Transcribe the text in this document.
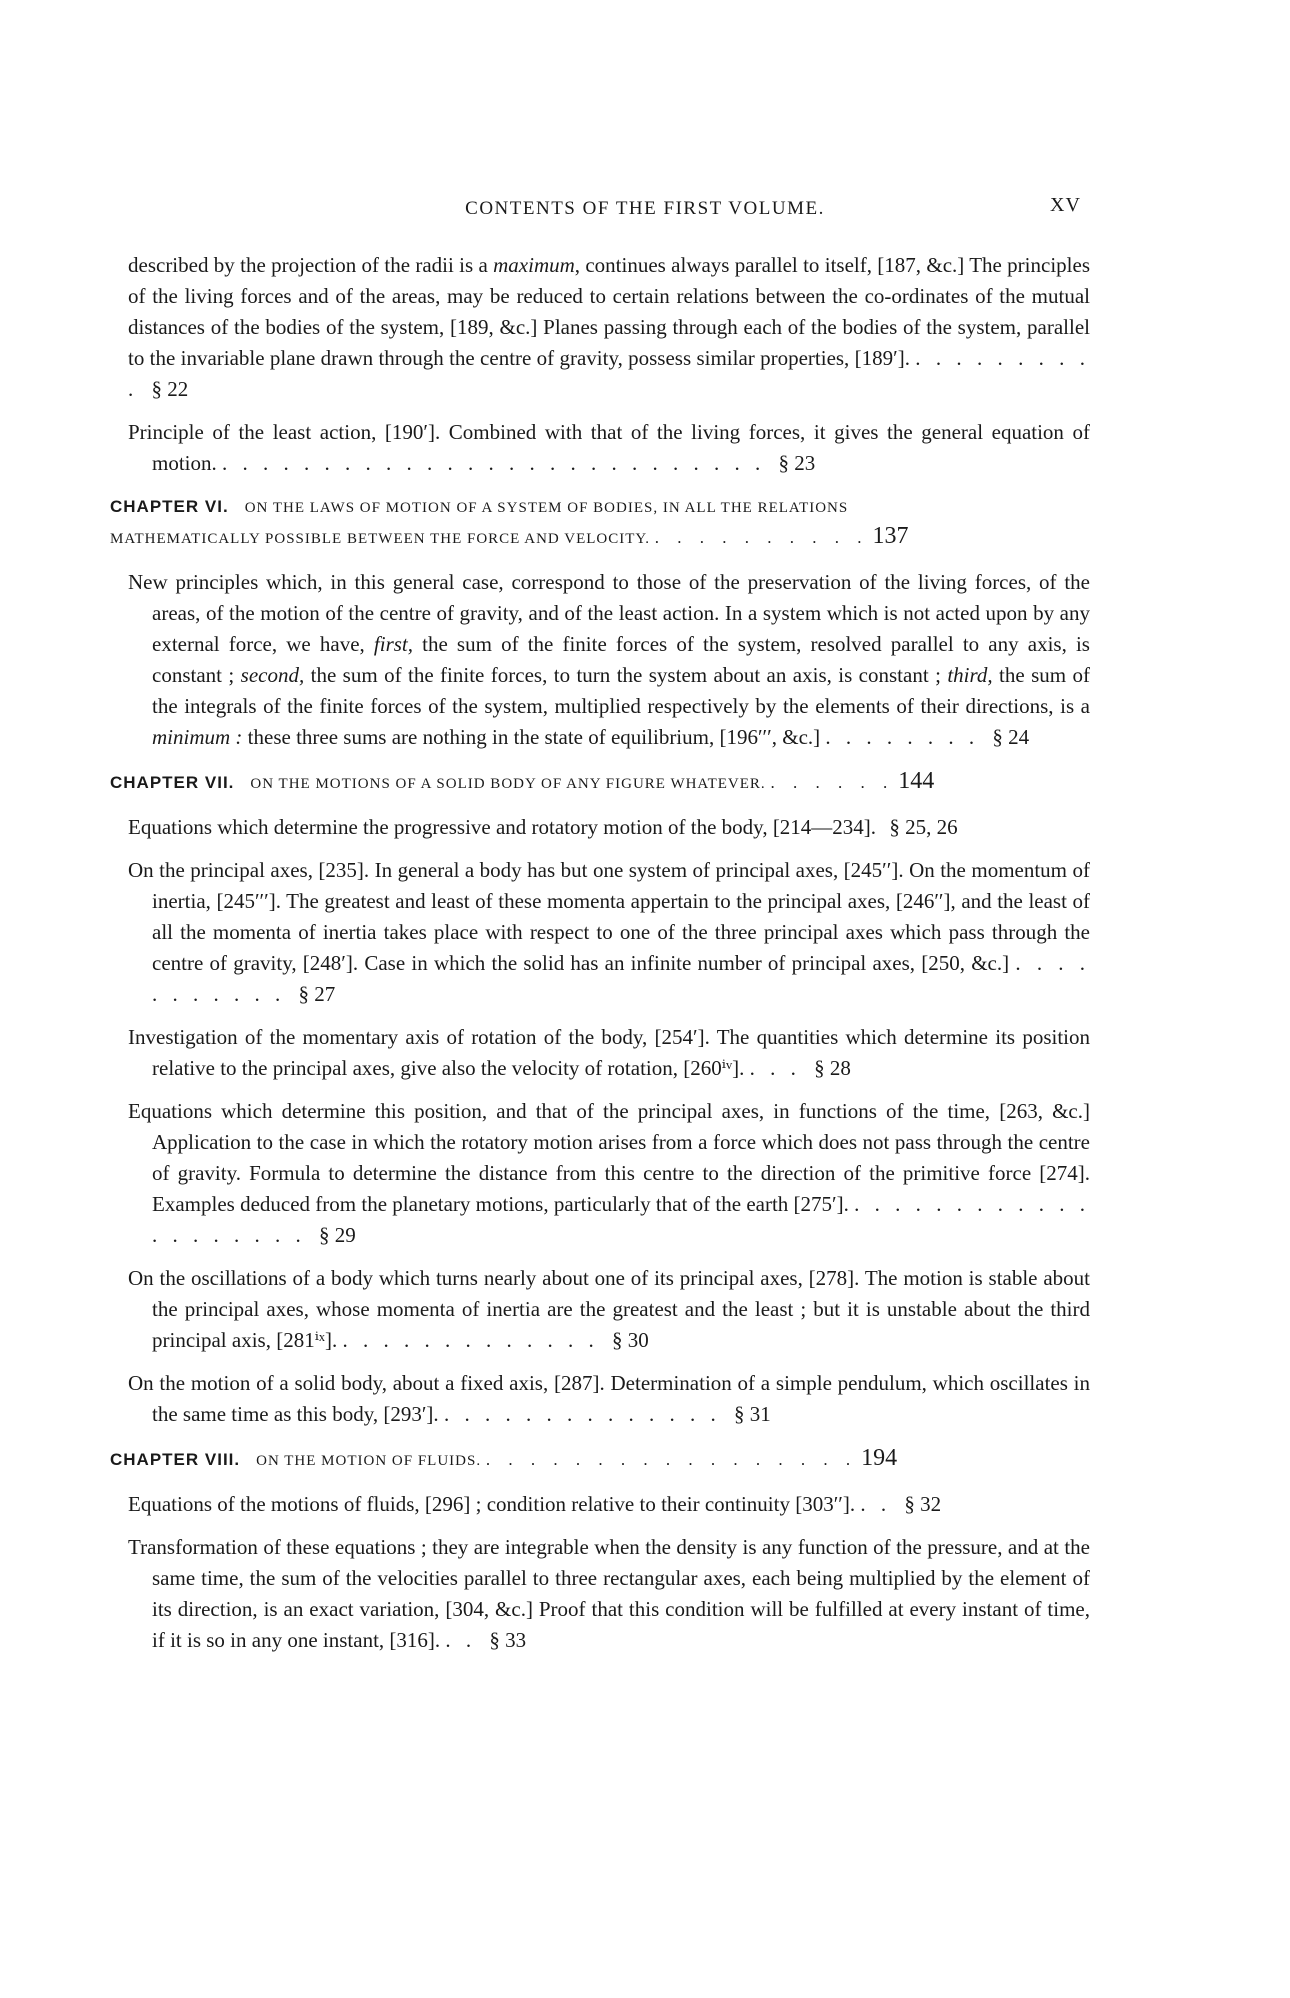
CONTENTS OF THE FIRST VOLUME.	XV
described by the projection of the radii is a maximum, continues always parallel to itself, [187, &c.] The principles of the living forces and of the areas, may be reduced to certain relations between the co-ordinates of the mutual distances of the bodies of the system, [189, &c.] Planes passing through each of the bodies of the system, parallel to the invariable plane drawn through the centre of gravity, possess similar properties, [189′]. . . . . . . . . . . § 22
Principle of the least action, [190′]. Combined with that of the living forces, it gives the general equation of motion. . . . . . . . . . . . . . . . . . . . . . . . . . . . § 23
CHAPTER VI.  ON THE LAWS OF MOTION OF A SYSTEM OF BODIES, IN ALL THE RELATIONS
MATHEMATICALLY POSSIBLE BETWEEN THE FORCE AND VELOCITY. . . . . . . . . . . 137
New principles which, in this general case, correspond to those of the preservation of the living forces, of the areas, of the motion of the centre of gravity, and of the least action. In a system which is not acted upon by any external force, we have, first, the sum of the finite forces of the system, resolved parallel to any axis, is constant ; second, the sum of the finite forces, to turn the system about an axis, is constant ; third, the sum of the integrals of the finite forces of the system, multiplied respectively by the elements of their directions, is a minimum : these three sums are nothing in the state of equilibrium, [196′′′, &c.] . . . . . . . . § 24
CHAPTER VII.  ON THE MOTIONS OF A SOLID BODY OF ANY FIGURE WHATEVER. . . . . . . 144
Equations which determine the progressive and rotatory motion of the body, [214—234]. § 25, 26
On the principal axes, [235]. In general a body has but one system of principal axes, [245′′]. On the momentum of inertia, [245′′′]. The greatest and least of these momenta appertain to the principal axes, [246′′], and the least of all the momenta of inertia takes place with respect to one of the three principal axes which pass through the centre of gravity, [248′]. Case in which the solid has an infinite number of principal axes, [250, &c.] . . . . . . . . . . . § 27
Investigation of the momentary axis of rotation of the body, [254′]. The quantities which determine its position relative to the principal axes, give also the velocity of rotation, [260ⁱᵛ]. . . . § 28
Equations which determine this position, and that of the principal axes, in functions of the time, [263, &c.] Application to the case in which the rotatory motion arises from a force which does not pass through the centre of gravity. Formula to determine the distance from this centre to the direction of the primitive force [274]. Examples deduced from the planetary motions, particularly that of the earth [275′]. . . . . . . . . . . . . . . . . . . . . § 29
On the oscillations of a body which turns nearly about one of its principal axes, [278]. The motion is stable about the principal axes, whose momenta of inertia are the greatest and the least ; but it is unstable about the third principal axis, [281ⁱˣ]. . . . . . . . . . . . . . § 30
On the motion of a solid body, about a fixed axis, [287]. Determination of a simple pendulum, which oscillates in the same time as this body, [293′]. . . . . . . . . . . . . . . § 31
CHAPTER VIII.  ON THE MOTION OF FLUIDS. . . . . . . . . . . . . . . . . . 194
Equations of the motions of fluids, [296] ; condition relative to their continuity [303′′]. . . § 32
Transformation of these equations ; they are integrable when the density is any function of the pressure, and at the same time, the sum of the velocities parallel to three rectangular axes, each being multiplied by the element of its direction, is an exact variation, [304, &c.] Proof that this condition will be fulfilled at every instant of time, if it is so in any one instant, [316]. . . § 33
